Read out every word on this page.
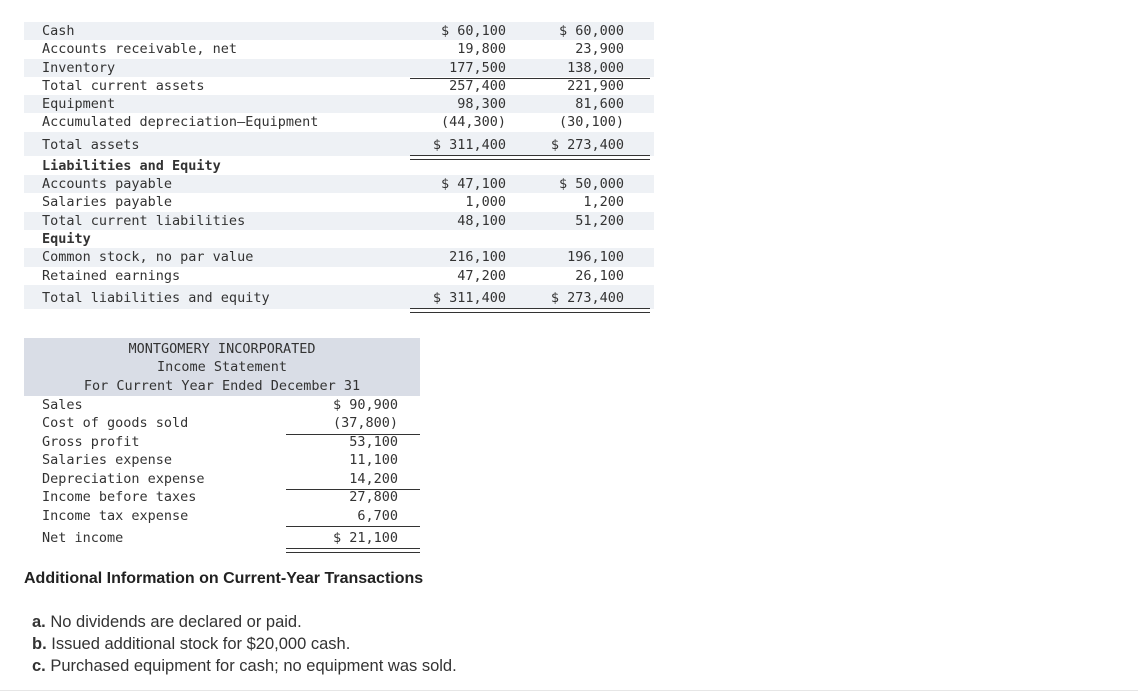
Cash	$ 60,100	$ 60,000
Accounts receivable, net	19,800	23,900
Inventory	177,500	138,000
Total current assets	257,400	221,900
Equipment	98,300	81,600
Accumulated depreciation—Equipment	(44,300)	(30,100)
Total assets	$ 311,400	$ 273,400
Liabilities and Equity
Accounts payable	$ 47,100	$ 50,000
Salaries payable	1,000	1,200
Total current liabilities	48,100	51,200
Equity
Common stock, no par value	216,100	196,100
Retained earnings	47,200	26,100
Total liabilities and equity	$ 311,400	$ 273,400
MONTGOMERY INCORPORATED
Income Statement
For Current Year Ended December 31
Sales	$ 90,900
Cost of goods sold	(37,800)
Gross profit	53,100
Salaries expense	11,100
Depreciation expense	14,200
Income before taxes	27,800
Income tax expense	6,700
Net income	$ 21,100
Additional Information on Current-Year Transactions
a. No dividends are declared or paid.
b. Issued additional stock for $20,000 cash.
c. Purchased equipment for cash; no equipment was sold.
